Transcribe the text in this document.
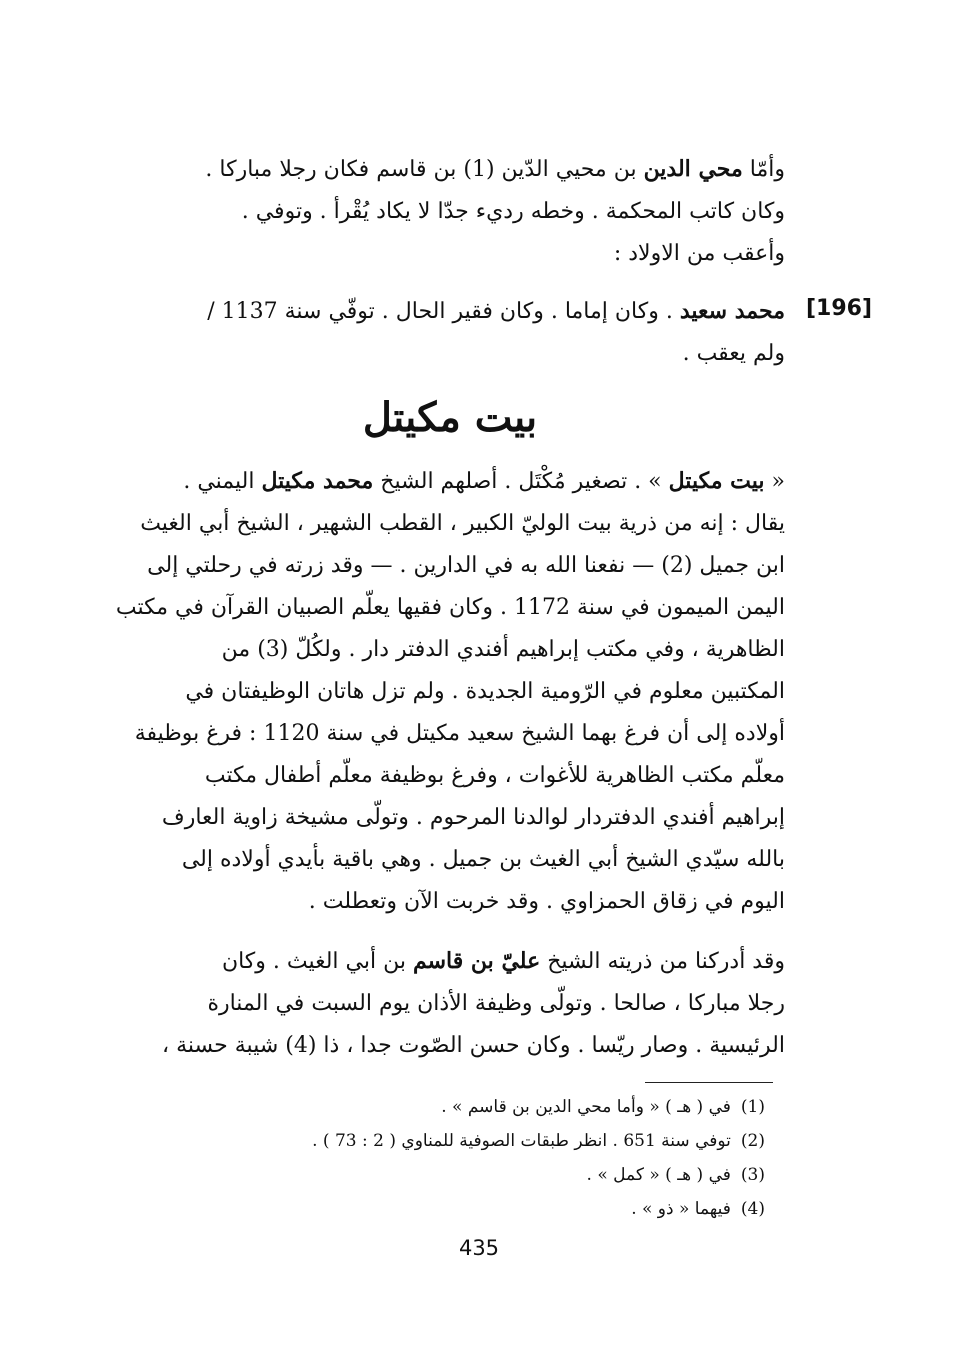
وأمّا محي الدين بن محيي الدّين (1) بن قاسم فكان رجلا مباركا .
وكان كاتب المحكمة . وخطه رديء جدّا لا يكاد يُقْرأ . وتوفي .
وأعقب من الاولاد :
[196]
محمد سعيد . وكان إماما . وكان فقير الحال . توفّي سنة 1137 /
ولم يعقب .
بيت مكيتل
« بيت مكيتل » . تصغير مُكْتَل . أصلهم الشيخ محمد مكيتل اليمني .
يقال : إنه من ذرية بيت الوليّ الكبير ، القطب الشهير ، الشيخ أبي الغيث
ابن جميل (2) — نفعنا الله به في الدارين . — وقد زرته في رحلتي إلى
اليمن الميمون في سنة 1172 . وكان فقيها يعلّم الصبيان القرآن في مكتب
الظاهرية ، وفي مكتب إبراهيم أفندي الدفتر دار . ولكُلّ (3) من
المكتبين معلوم في الرّومية الجديدة . ولم تزل هاتان الوظيفتان في
أولاده إلى أن فرغ بهما الشيخ سعيد مكيتل في سنة 1120 : فرغ بوظيفة
معلّم مكتب الظاهرية للأغوات ، وفرغ بوظيفة معلّم أطفال مكتب
إبراهيم أفندي الدفتردار لوالدنا المرحوم . وتولّى مشيخة زاوية العارف
بالله سيّدي الشيخ أبي الغيث بن جميل . وهي باقية بأيدي أولاده إلى
اليوم في زقاق الحمزاوي . وقد خربت الآن وتعطلت .
وقد أدركنا من ذريته الشيخ عليّ بن قاسم بن أبي الغيث . وكان
رجلا مباركا ، صالحا . وتولّى وظيفة الأذان يوم السبت في المنارة
الرئيسية . وصار ريّسا . وكان حسن الصّوت جدا ، ذا (4) شيبة حسنة ،
(1)في ( هـ ) « وأما محي الدين بن قاسم » .
(2)توفي سنة 651 . انظر طبقات الصوفية للمناوي ( 2 : 73 ) .
(3)في ( هـ ) « كمل » .
(4)فيهما « ذو » .
435
